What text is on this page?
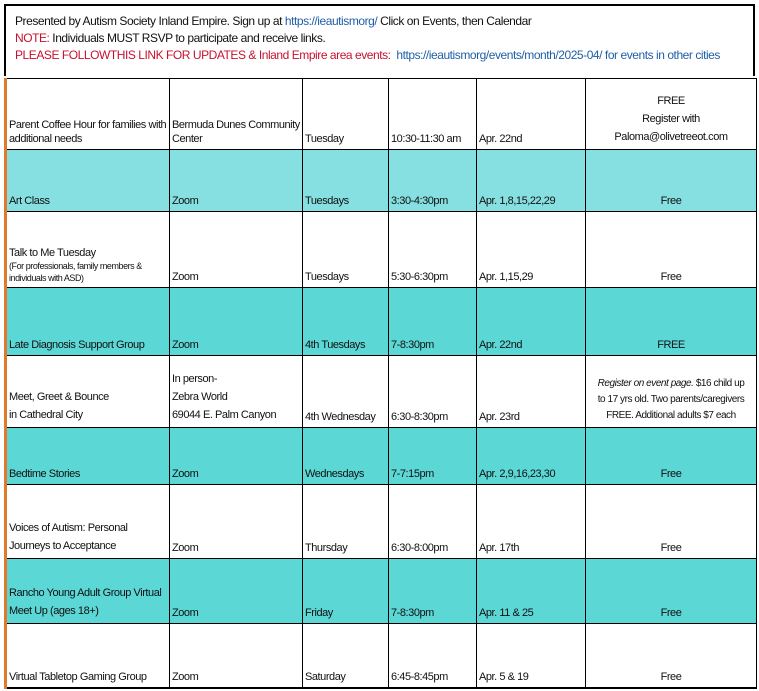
Presented by Autism Society Inland Empire. Sign up at https://ieautismorg/ Click on Events, then Calendar
NOTE: Individuals MUST RSVP to participate and receive links.
PLEASE FOLLOWTHIS LINK FOR UPDATES & Inland Empire area events: https://ieautismorg/events/month/2025-04/ for events in other cities
Parent Coffee Hour for families with additional needs	Bermuda Dunes Community Center	Tuesday	10:30-11:30 am	Apr. 22nd	FREE
Register with
Paloma@olivetreeot.com

Art Class	Zoom	Tuesdays	3:30-4:30pm	Apr. 1,8,15,22,29	Free

Talk to Me Tuesday
(For professionals, family members & individuals with ASD)	Zoom	Tuesdays	5:30-6:30pm	Apr. 1,15,29	Free
Late Diagnosis Support Group	Zoom	4th Tuesdays	7-8:30pm	Apr. 22nd	FREE

Meet, Greet & Bounce
in Cathedral City	In person-
Zebra World
69044 E. Palm Canyon	4th Wednesday	6:30-8:30pm	Apr. 23rd	Register on event page. $16 child up
to 17 yrs old. Two parents/caregivers
FREE. Additional adults $7 each

Bedtime Stories	Zoom	Wednesdays	7-7:15pm	Apr. 2,9,16,23,30	Free

Voices of Autism: Personal
Journeys to Acceptance	Zoom	Thursday	6:30-8:00pm	Apr. 17th	Free

Rancho Young Adult Group Virtual
Meet Up (ages 18+)	Zoom	Friday	7-8:30pm	Apr. 11 & 25	Free
Virtual Tabletop Gaming Group	Zoom	Saturday	6:45-8:45pm	Apr. 5 & 19	Free
